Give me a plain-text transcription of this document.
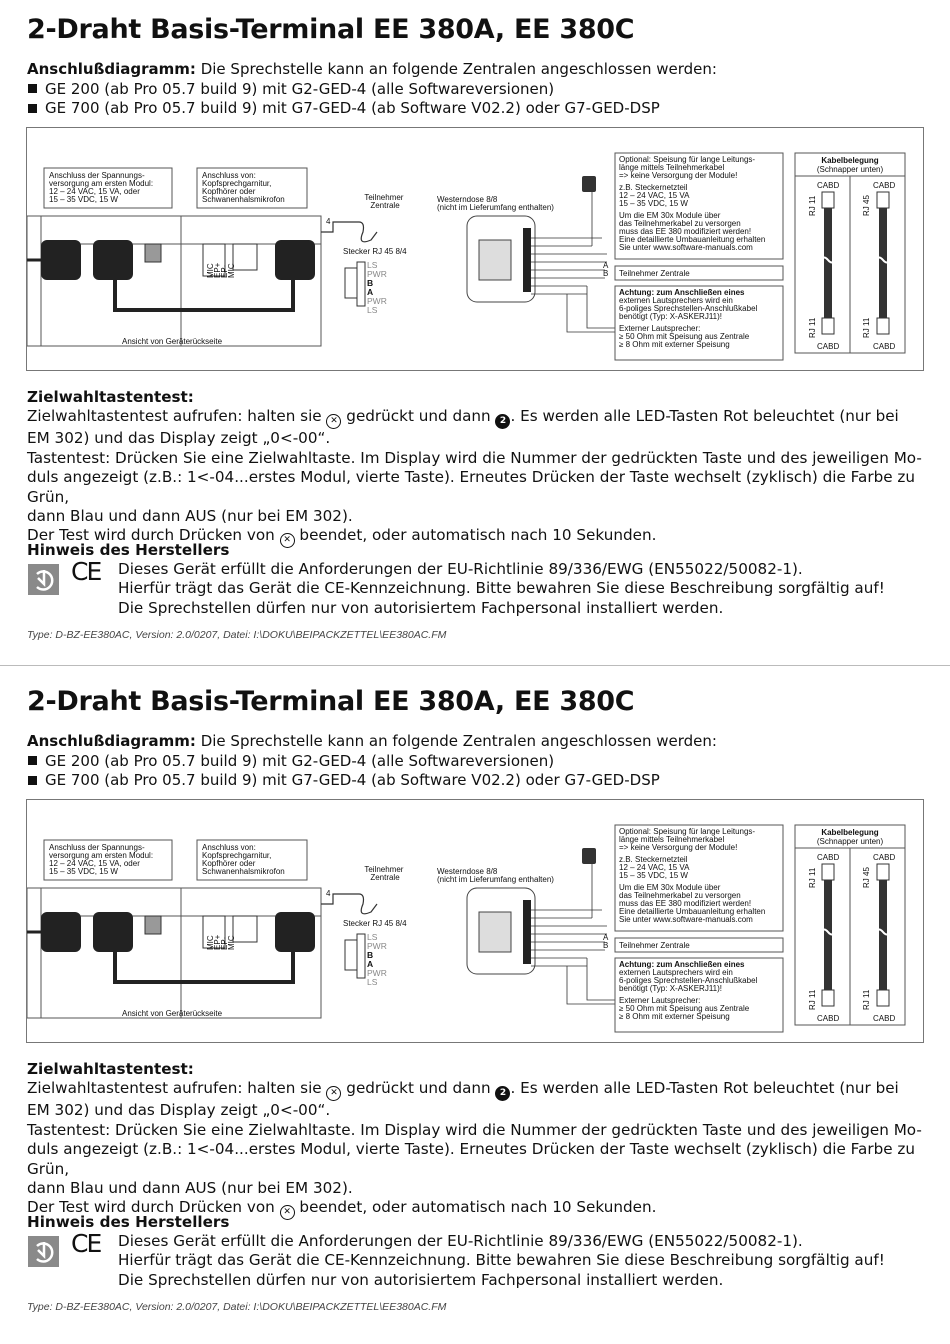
2-Draht Basis-Terminal EE 380A, EE 380C
Anschlußdiagramm: Die Sprechstelle kann an folgende Zentralen angeschlossen werden:
GE 200 (ab Pro 05.7 build 9) mit G2-GED-4 (alle Softwareversionen)
GE 700 (ab Pro 05.7 build 9) mit G7-GED-4 (ab Software V02.2) oder G7-GED-DSP
MIC
EP+
EP-
MIC
Anschluss der Spannungs- versorgung am ersten Modul: 12 – 24 VAC, 15 VA, oder 15 – 35 VDC, 15 W
Anschluss von: Kopfsprechgarnitur, Kopfhörer oder Schwanenhalsmikrofon
Ansicht von Geräterückseite
4
Teilnehmer Zentrale
Stecker RJ 45 8/4
LS
PWR
B
A
PWR
LS
Westerndose 8/8 (nicht im Lieferumfang enthalten)
A
B
Optional: Speisung für lange Leitungs- länge mittels Teilnehmerkabel => keine Versorgung der Module! z.B. Steckernetzteil 12 – 24 VAC, 15 VA 15 – 35 VDC, 15 W Um die EM 30x Module über das Teilnehmerkabel zu versorgen muss das EE 380 modifiziert werden! Eine detaillierte Umbauanleitung erhalten Sie unter www.software-manuals.com
Teilnehmer Zentrale
Achtung: zum Anschließen eines externen Lautsprechers wird ein 6-poliges Sprechstellen-Anschlußkabel benötigt (Typ: X-ASKERJ11)! Externer Lautsprecher: ≥ 50 Ohm mit Speisung aus Zentrale ≥ 8 Ohm mit externer Speisung
Kabelbelegung
(Schnapper unten)
CABD	CABD
CABD	CABD
RJ 11	RJ 45
RJ 11	RJ 11
Zielwahltastentest:

Zielwahltastentest aufrufen: halten sie ✕ gedrückt und dann 2 . Es werden alle LED-Tasten Rot beleuchtet (nur bei

EM 302) und das Display zeigt „0<-00“.

Tastentest: Drücken Sie eine Zielwahltaste. Im Display wird die Nummer der gedrückten Taste und des jeweiligen Mo-

duls angezeigt (z.B.: 1<-04...erstes Modul, vierte Taste). Erneutes Drücken der Taste wechselt (zyklisch) die Farbe zu Grün,

dann Blau und dann AUS (nur bei EM 302).

Der Test wird durch Drücken von ✕ beendet, oder automatisch nach 10 Sekunden.

Hinweis des Herstellers
CE Dieses Gerät erfüllt die Anforderungen der EU-Richtlinie 89/336/EWG (EN55022/50082-1).

Hierfür trägt das Gerät die CE-Kennzeichnung. Bitte bewahren Sie diese Beschreibung sorgfältig auf!

Die Sprechstellen dürfen nur von autorisiertem Fachpersonal installiert werden.

Type: D-BZ-EE380AC, Version: 2.0/0207, Datei: I:\DOKU\BEIPACKZETTEL\EE380AC.FM
2-Draht Basis-Terminal EE 380A, EE 380C
Anschlußdiagramm: Die Sprechstelle kann an folgende Zentralen angeschlossen werden:
GE 200 (ab Pro 05.7 build 9) mit G2-GED-4 (alle Softwareversionen)
GE 700 (ab Pro 05.7 build 9) mit G7-GED-4 (ab Software V02.2) oder G7-GED-DSP
MIC
EP+
EP-
MIC
Anschluss der Spannungs- versorgung am ersten Modul: 12 – 24 VAC, 15 VA, oder 15 – 35 VDC, 15 W
Anschluss von: Kopfsprechgarnitur, Kopfhörer oder Schwanenhalsmikrofon
Ansicht von Geräterückseite
4
Teilnehmer Zentrale
Stecker RJ 45 8/4
LS
PWR
B
A
PWR
LS
Westerndose 8/8 (nicht im Lieferumfang enthalten)
A
B
Optional: Speisung für lange Leitungs- länge mittels Teilnehmerkabel => keine Versorgung der Module! z.B. Steckernetzteil 12 – 24 VAC, 15 VA 15 – 35 VDC, 15 W Um die EM 30x Module über das Teilnehmerkabel zu versorgen muss das EE 380 modifiziert werden! Eine detaillierte Umbauanleitung erhalten Sie unter www.software-manuals.com
Teilnehmer Zentrale
Achtung: zum Anschließen eines externen Lautsprechers wird ein 6-poliges Sprechstellen-Anschlußkabel benötigt (Typ: X-ASKERJ11)! Externer Lautsprecher: ≥ 50 Ohm mit Speisung aus Zentrale ≥ 8 Ohm mit externer Speisung
Kabelbelegung
(Schnapper unten)
CABD	CABD
CABD	CABD
RJ 11	RJ 45
RJ 11	RJ 11
Zielwahltastentest:

Zielwahltastentest aufrufen: halten sie ✕ gedrückt und dann 2 . Es werden alle LED-Tasten Rot beleuchtet (nur bei

EM 302) und das Display zeigt „0<-00“.

Tastentest: Drücken Sie eine Zielwahltaste. Im Display wird die Nummer der gedrückten Taste und des jeweiligen Mo-

duls angezeigt (z.B.: 1<-04...erstes Modul, vierte Taste). Erneutes Drücken der Taste wechselt (zyklisch) die Farbe zu Grün,

dann Blau und dann AUS (nur bei EM 302).

Der Test wird durch Drücken von ✕ beendet, oder automatisch nach 10 Sekunden.

Hinweis des Herstellers
CE Dieses Gerät erfüllt die Anforderungen der EU-Richtlinie 89/336/EWG (EN55022/50082-1).

Hierfür trägt das Gerät die CE-Kennzeichnung. Bitte bewahren Sie diese Beschreibung sorgfältig auf!

Die Sprechstellen dürfen nur von autorisiertem Fachpersonal installiert werden.

Type: D-BZ-EE380AC, Version: 2.0/0207, Datei: I:\DOKU\BEIPACKZETTEL\EE380AC.FM
